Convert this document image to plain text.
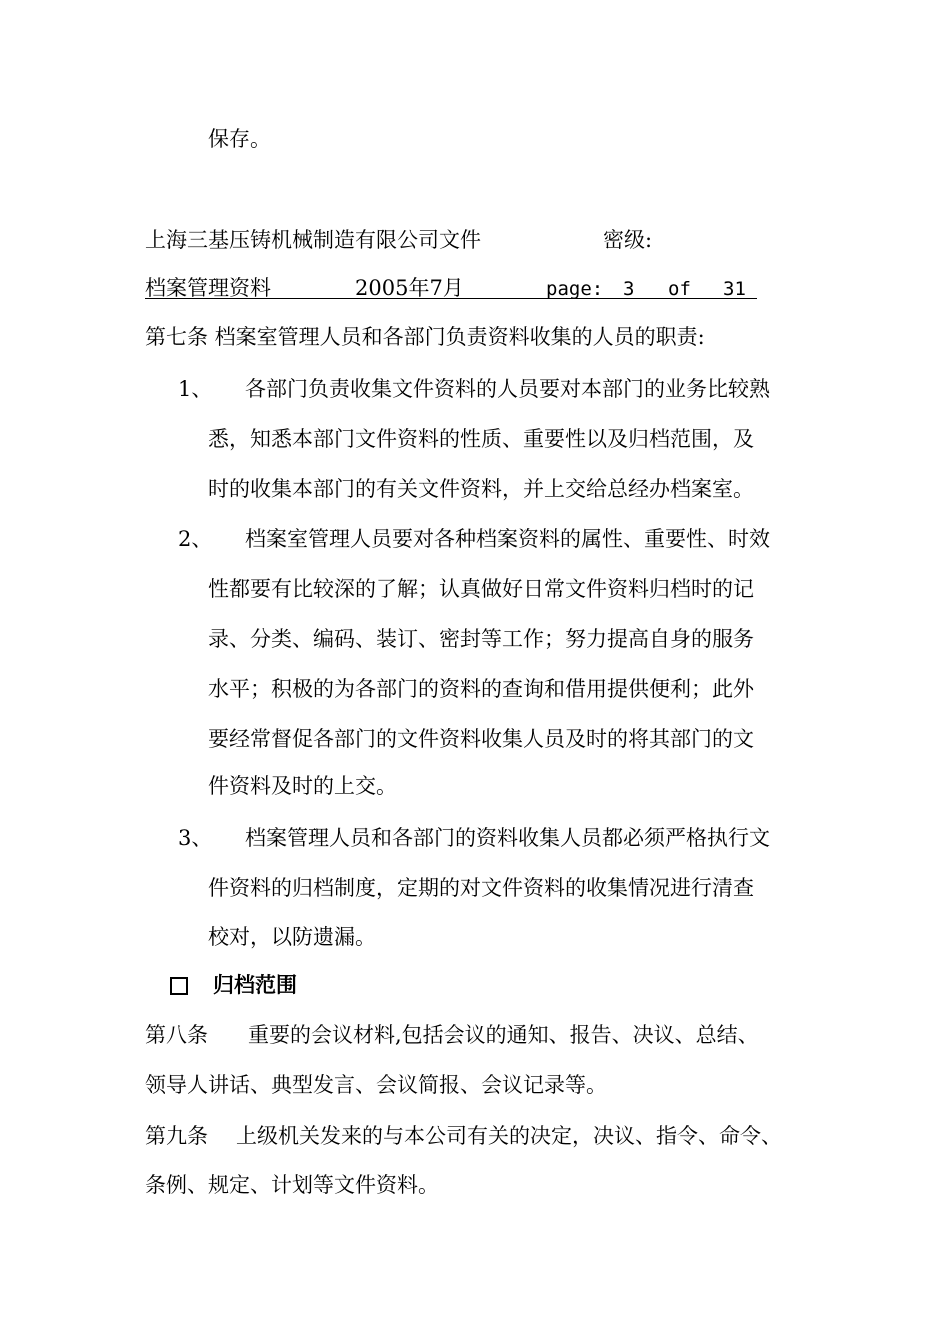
保存。
上海三基压铸机械制造有限公司文件	密级:
档案管理资料	2005年7月	page: 3 of 31
第七条 档案室管理人员和各部门负责资料收集的人员的职责:
1、 各部门负责收集文件资料的人员要对本部门的业务比较熟
悉，知悉本部门文件资料的性质、重要性以及归档范围，及
时的收集本部门的有关文件资料，并上交给总经办档案室。
2、 档案室管理人员要对各种档案资料的属性、重要性、时效
性都要有比较深的了解；认真做好日常文件资料归档时的记
录、分类、编码、装订、密封等工作；努力提高自身的服务
水平；积极的为各部门的资料的查询和借用提供便利；此外
要经常督促各部门的文件资料收集人员及时的将其部门的文
件资料及时的上交。
3、 档案管理人员和各部门的资料收集人员都必须严格执行文
件资料的归档制度，定期的对文件资料的收集情况进行清查
校对，以防遗漏。
归档范围
第八条 重要的会议材料,包括会议的通知、报告、决议、总结、
领导人讲话、典型发言、会议简报、会议记录等。
第九条 上级机关发来的与本公司有关的决定，决议、指令、命令、
条例、规定、计划等文件资料。
